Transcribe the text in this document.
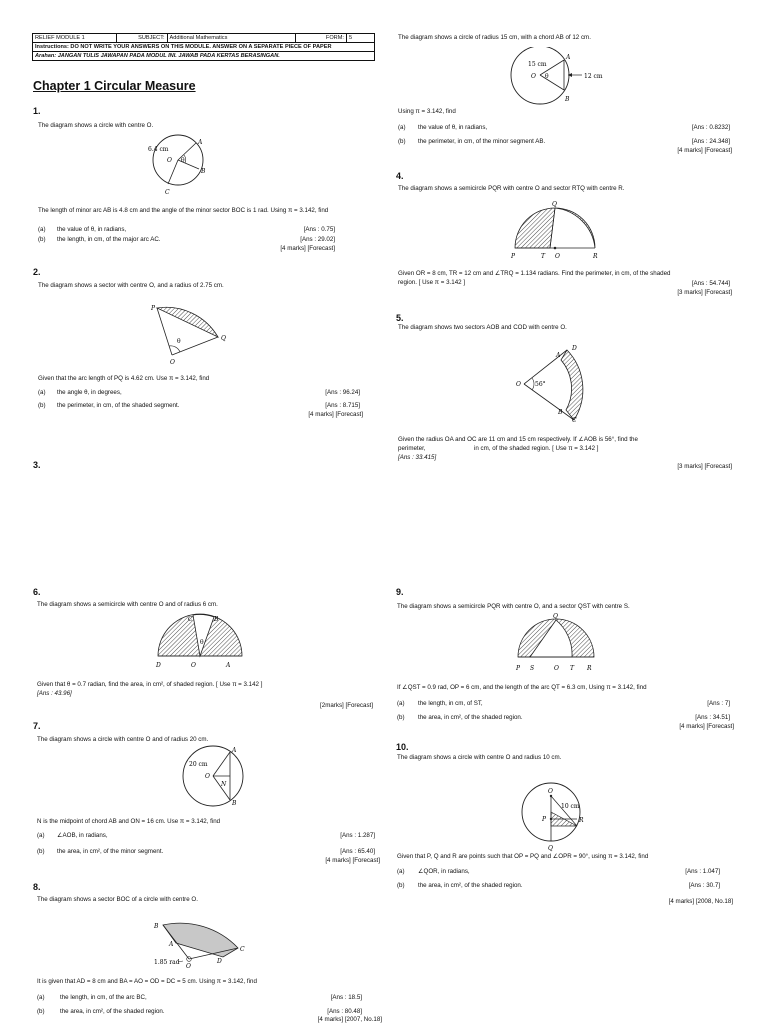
RELIEF MODULE 1	SUBJECT:	Additional Mathematics	FORM:	5
Instructions: DO NOT WRITE YOUR ANSWERS ON THIS MODULE. ANSWER ON A SEPARATE PIECE OF PAPER
Arahan: JANGAN TULIS JAWAPAN PADA MODUL INI. JAWAB PADA KERTAS BERASINGAN.
Chapter 1 Circular Measure
1.
The diagram shows a circle with centre O.
6.4 cm
A
O θ
B
C
The length of minor arc AB is 4.8 cm and the angle of the minor sector BOC is 1 rad. Using π = 3.142, find
(a) the value of θ, in radians,	[Ans : 0.75]
(b) the length, in cm, of the major arc AC.	[Ans : 29.02]
[4 marks] [Forecast]
2.
The diagram shows a sector with centre O, and a radius of 2.75 cm.
P
θ	Q
O
Given that the arc length of PQ is 4.62 cm. Use π = 3.142, find
(a) the angle θ, in degrees,	[Ans : 96.24]
(b) the perimeter, in cm, of the shaded segment.	[Ans : 8.715]
[4 marks] [Forecast]
3.
The diagram shows a circle of radius 15 cm, with a chord AB of 12 cm.
15 cm
A
O θ	12 cm
B
Using π = 3.142, find
(a) the value of θ, in radians,	[Ans : 0.8232]
(b) the perimeter, in cm, of the minor segment AB.	[Ans : 24.348]
[4 marks] [Forecast]
4.
The diagram shows a semicircle PQR with centre O and sector RTQ with centre R.
Q
P	T O	R
Given OR = 8 cm, TR = 12 cm and ∠TRQ = 1.134 radians. Find the perimeter, in cm, of the shaded
region. [ Use π = 3.142 ]	[Ans : 54.744]
[3 marks] [Forecast]
5.
The diagram shows two sectors AOB and COD with centre O.
D
A
O 56°
B
C
Given the radius OA and OC are 11 cm and 15 cm respectively. If ∠AOB is 56°, find the
perimeter,	in cm, of the shaded region. [ Use π = 3.142 ]
[Ans : 33.415]
[3 marks] [Forecast]
6.
The diagram shows a semicircle with centre O and of radius 6 cm.
C	B
θ
D	O	A
Given that θ = 0.7 radian, find the area, in cm², of shaded region. [ Use π = 3.142 ]
[Ans : 43.96]
[2marks] [Forecast]
7.
The diagram shows a circle with centre O and of radius 20 cm.
20 cm
A
O
N
B
N is the midpoint of chord AB and ON = 16 cm. Use π = 3.142, find
(a) ∠AOB, in radians,	[Ans : 1.287]
(b) the area, in cm², of the minor segment.	[Ans : 65.40]
[4 marks] [Forecast]
8.
The diagram shows a sector BOC of a circle with centre O.
B
A
C
1.85 rad
O
D
It is given that AD = 8 cm and BA = AO = OD = DC = 5 cm. Using π = 3.142, find
(a) the length, in cm, of the arc BC,	[Ans : 18.5]
(b) the area, in cm², of the shaded region.	[Ans : 80.48]
[4 marks] [2007, No.18]
9.
The diagram shows a semicircle PQR with centre O, and a sector QST with centre S.
Q
P S	O T R
If ∠QST = 0.9 rad, OP = 6 cm, and the length of the arc QT = 6.3 cm, Using π = 3.142, find
(a) the length, in cm, of ST,	[Ans : 7]
(b) the area, in cm², of the shaded region.	[Ans : 34.51]
[4 marks] [Forecast]
10.
The diagram shows a circle with centre O and radius 10 cm.
O
10 cm
P	R
Q
Given that P, Q and R are points such that OP = PQ and ∠OPR = 90°, using π = 3.142, find
(a) ∠QOR, in radians,	[Ans : 1.047]
(b) the area, in cm², of the shaded region.	[Ans : 30.7]
[4 marks] [2008, No.18]
